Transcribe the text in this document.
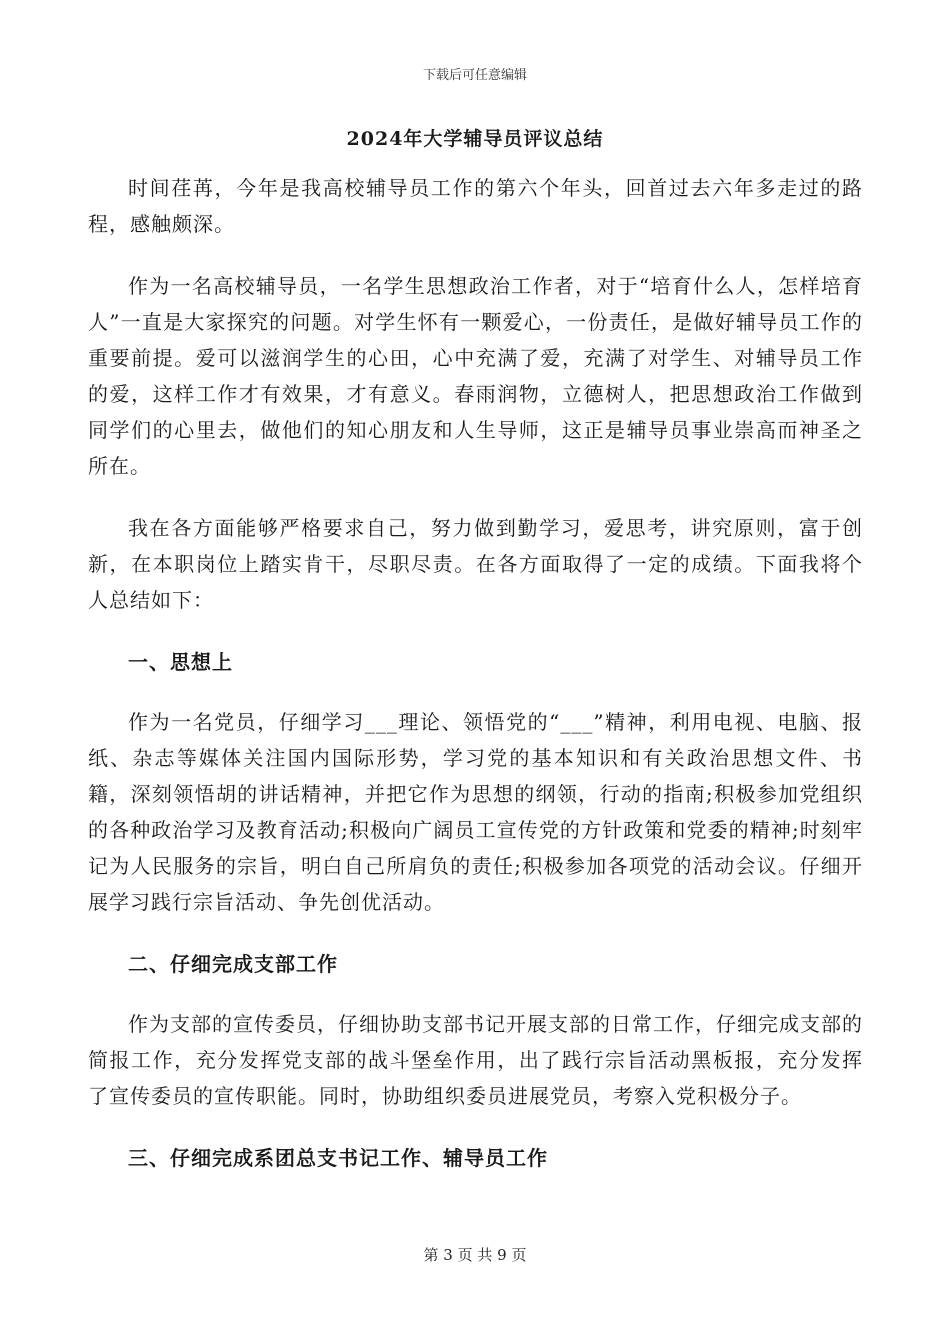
下载后可任意编辑
2024年大学辅导员评议总结

时间荏苒，今年是我高校辅导员工作的第六个年头，回首过去六年多走过的路程，感触颇深。

作为一名高校辅导员，一名学生思想政治工作者，对于“培育什么人，怎样培育人”一直是大家探究的问题。对学生怀有一颗爱心，一份责任，是做好辅导员工作的重要前提。爱可以滋润学生的心田，心中充满了爱，充满了对学生、对辅导员工作的爱，这样工作才有效果，才有意义。春雨润物，立德树人，把思想政治工作做到同学们的心里去，做他们的知心朋友和人生导师，这正是辅导员事业崇高而神圣之所在。

我在各方面能够严格要求自己，努力做到勤学习，爱思考，讲究原则，富于创新，在本职岗位上踏实肯干，尽职尽责。在各方面取得了一定的成绩。下面我将个人总结如下：

一、思想上

作为一名党员，仔细学习___理论、领悟党的“___”精神，利用电视、电脑、报纸、杂志等媒体关注国内国际形势，学习党的基本知识和有关政治思想文件、书籍，深刻领悟胡的讲话精神，并把它作为思想的纲领，行动的指南;积极参加党组织的各种政治学习及教育活动;积极向广阔员工宣传党的方针政策和党委的精神;时刻牢记为人民服务的宗旨，明白自己所肩负的责任;积极参加各项党的活动会议。仔细开展学习践行宗旨活动、争先创优活动。

二、仔细完成支部工作

作为支部的宣传委员，仔细协助支部书记开展支部的日常工作，仔细完成支部的简报工作，充分发挥党支部的战斗堡垒作用，出了践行宗旨活动黑板报，充分发挥了宣传委员的宣传职能。同时，协助组织委员进展党员，考察入党积极分子。

三、仔细完成系团总支书记工作、辅导员工作

第 3 页 共 9 页
